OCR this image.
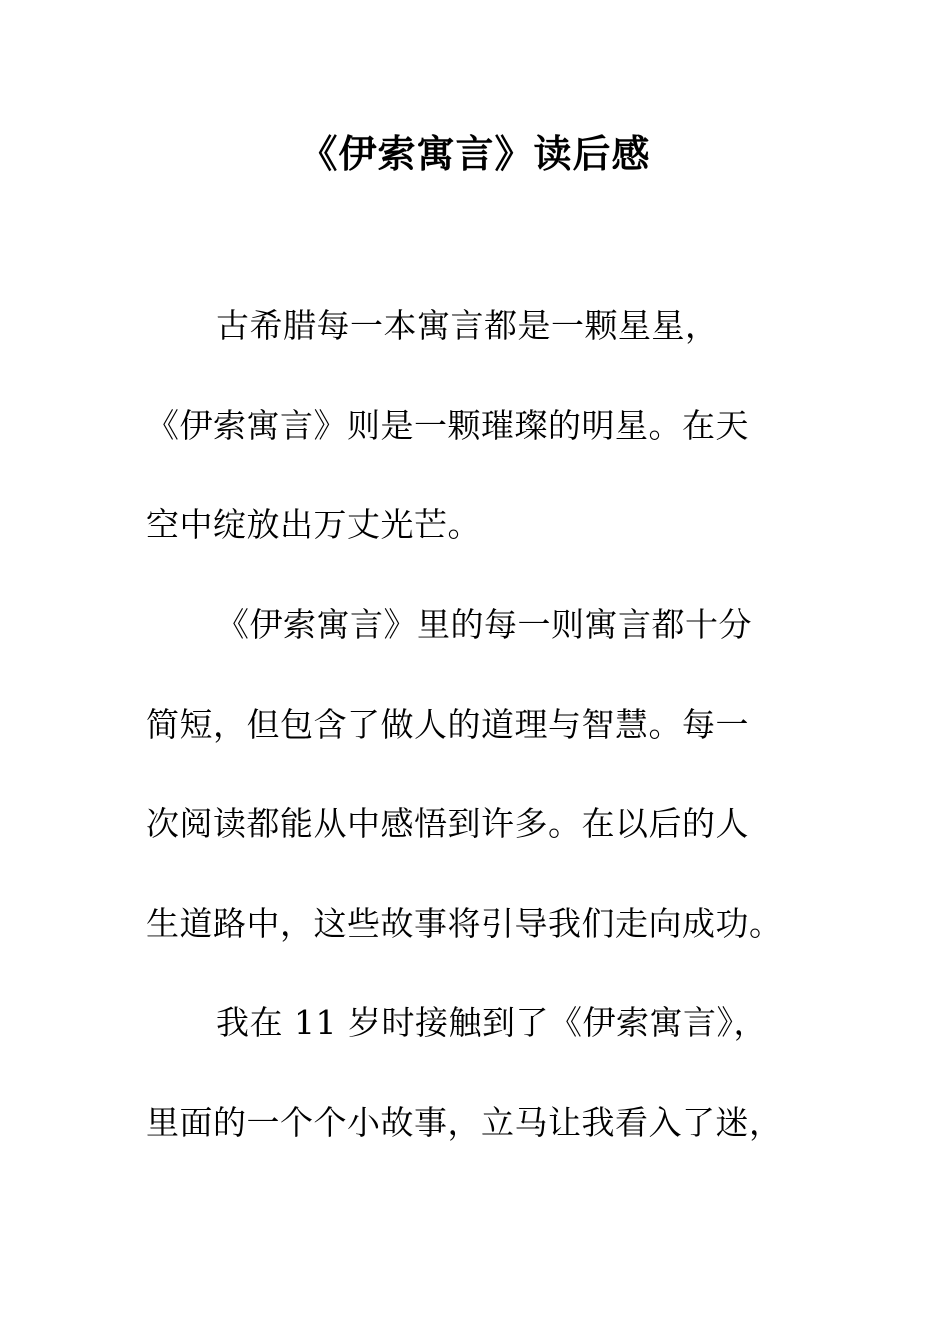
《伊索寓言》读后感
古希腊每一本寓言都是一颗星星，
《伊索寓言》则是一颗璀璨的明星。在天
空中绽放出万丈光芒。
《伊索寓言》里的每一则寓言都十分
简短，但包含了做人的道理与智慧。每一
次阅读都能从中感悟到许多。在以后的人
生道路中，这些故事将引导我们走向成功。
我在 11 岁时接触到了《伊索寓言》，
里面的一个个小故事，立马让我看入了迷，
